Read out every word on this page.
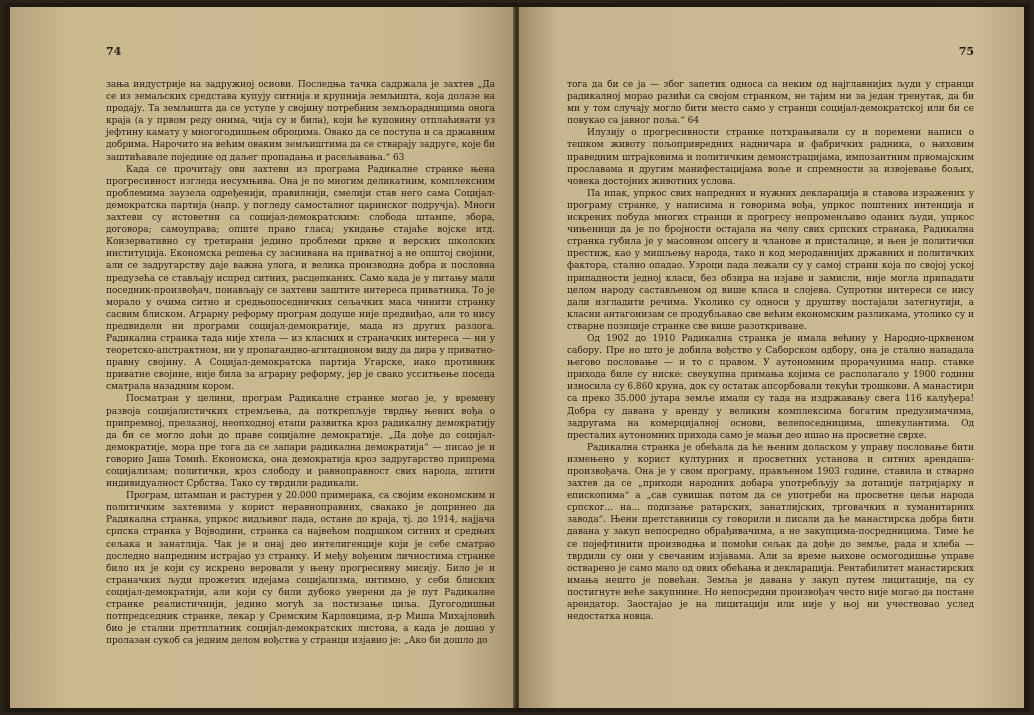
74

зања индустрије на задружној основи. Последња тачка садржала је захтев „Да се из земаљских средстава купују ситнија и крупнија земљишта, која долазе на продају. Та земљишта да се уступе у својину потребним земљорадницима онога краја (а у првом реду онима, чија су и била), који ће куповину отплаћивати уз јефтину камату у многогодишњем оброцима. Овако да се поступа и са државним добрима. Нарочито на већим оваким земљиштима да се стварају задруге, које би заштићавале поједине од даљег пропадања и расељавања.“ 63

Када се прочитају ови захтеви из програма Радикалне странке њена прогресивност изгледа несумњива. Она је по многим деликатним, комплексним проблемима заузела одређенији, правилнији, смелији став него сама Социјал-демократска партија (напр. у погледу самосталног царинског подручја). Многи захтеви су истоветни са социјал-демократским: слобода штампе, збора, договора; самоуправа; опште право гласа; укидање стајаће војске итд. Конзервативно су третирани једино проблеми цркве и верских школских институција. Економска решења су заснивана на приватној а не општој својини, али се задругарству даје важна улога, и велика производна добра и пословна предузећа се стављају испред ситних, расцепканих. Само када је у питању мали поседник-произвођач, понављају се захтеви заштите интереса приватника. То је морало у очима ситно и средњопоседничких сељачких маса чинити странку сасвим блиском. Аграрну реформу програм додуше није предвиђао, али то нису предвидели ни програми социјал-демократије, мада из других разлога. Радикална странка тада није хтела — из класних и страначких интереса — ни у теоретско-апстрактном, ни у пропагандно-агитационом виду да дира у приватно-правну својину. А Социјал-демократска партија Угарске, иако противник приватне својине, није била за аграрну реформу, јер је свако усситњење поседа сматрала назадним кором.

Посматран у целини, програм Радикалне странке могао је, у времену развоја социјалистичких стремљења, да поткрепљује тврдњу њених вођа о припремној, прелазној, неопходној етапи развитка кроз радикалну демократију да би се могло доћи до праве социјалне демократије. „Да дође до социјал-демократије, мора пре тога да се запари радикална демократија“ — писао је и говорио Јаша Томић. Економска, она демократија кроз задругарство припрема социјализам; политички, кроз слободу и равноправност свих народа, штити индивидуалност Србства. Тако су тврдили радикали.

Програм, штампан и растурен у 20.000 примерака, са својим економским и политичким захтевима у корист неравноправних, свакако је допринео да Радикална странка, упркос видљивог пада, остане до краја, тј. до 1914, најјача српска странка у Војводини, странка са највећом подршком ситних и средњих сељака и занатлија. Чак је и онај део интелигенције који је себе сматрао доследно напредним истрајао уз странку. И међу вођеним личностима странке било их је који су искрено веровали у њену прогресивну мисију. Било је и страначких људи прожетих идејама социјализма, интимно, у себи блиских социјал-демократији, али који су били дубоко уверени да је пут Радикалне странке реалистичнији, једино могућ за постизање циља. Дугогодишњи потпредседник странке, лекар у Сремским Карловцима, д-р Миша Михајловић био је стални претплатник социјал-демократских листова, а када је дошао у пролазан сукоб са једним делом вођства у странци изјавио је: „Ако би дошло до

75

тога да би се ја — због запетих односа са неким од најглавнијих људи у странци радикалној морао разићи са својом странком, не тајим ни за један тренутак, да би ми у том случају могло бити место само у странци социјал-демократској или би се повукао са јавног поља.“ 64

Илузију о прогресивности странке потхрањивали су и поремени написи о тешком животу пољопривредних надничара и фабричких радника, о њиховим праведним штрајковима и политичким демонстрацијама, импозантним првомајским прославама и другим манифестацијама воље и спремности за извојевање бољих, човека достојних животних услова.

Па ипак, упркос свих напредних и нужних декларација и ставова изражених у програму странке, у написима и говорима вођа, упркос поштених интенција и искрених побуда многих странци и прогресу непроменљиво оданих људи, упркос чињеници да је по бројности остајала на челу свих српских странака, Радикална странка губила је у масовном опсегу и чланове и присталице, и њен је политички престиж, као у мишљењу народа, тако и код меродавнијих државних и политичких фактора, стално опадао. Узроци пада лежали су у самој страни која по својој уској припадности једној класи, без обзира на изјаве и замисли, није могла припадати целом народу састављеном од више класа и слојева. Супротни интереси се нису дали изгладити речима. Уколико су односи у друштву постајали затегнутији, а класни антагонизам се продубљавао све већим економским разликама, утолико су и стварне позиције странке све више разоткриване.

Од 1902 до 1910 Радикална странка је имала већину у Народно-црквеном сабору. Пре но што је добила вођство у Саборском одбору, она је стално нападала његово пословање — и то с правом. У аутономним прорачунима напр. ставке прихода биле су ниске: свеукупна примања којима се располагало у 1900 години износила су 6.860 круна, док су остатак апсорбовали текући трошкови. А манастири са преко 35.000 јутара земље имали су тада на издржавању свега 116 калуђера! Добра су давана у аренду у великим комплексима богатим предузимачима, задругама на комерцијалној основи, велепоседницима, шпекулантима. Од престалих аутономних прихода само је мањи део ишао на просветне сврхе.

Радикална странка је обећала да ће њеним доласком у управу пословање бити измењено у корист културних и просветних установа и ситних арендаша-произвођача. Она је у свом програму, прављеном 1903 године, ставила и стварно захтев да се „приходи народних добара употребљују за дотације патријарху и епископима“ а „сав сувишак потом да се употреби на просветне цељи народа српског... на... подизање ратарских, занатлијских, трговачких и хуманитарних завода“. Њени претставници су говорили и писали да ће манастирска добра бити давана у закуп непосредно обрађивачима, а не закупцима-посредницима. Тиме ће се појефтинити производња и помоћи сељак да дође до земље, рада и хлеба — тврдили су они у свечаним изјавама. Али за време њихове осмогодишње управе остварено је само мало од ових обећања и декларација. Рентабилитет манастирских имања нешто је повећан. Земља је давана у закуп путем лицитације, па су постигнуте веће закупнине. Но непосредни произвођач често није могао да постане арендатор. Заостајао је на лицитацији или није у њој ни учествовао услед недостатка новца.
